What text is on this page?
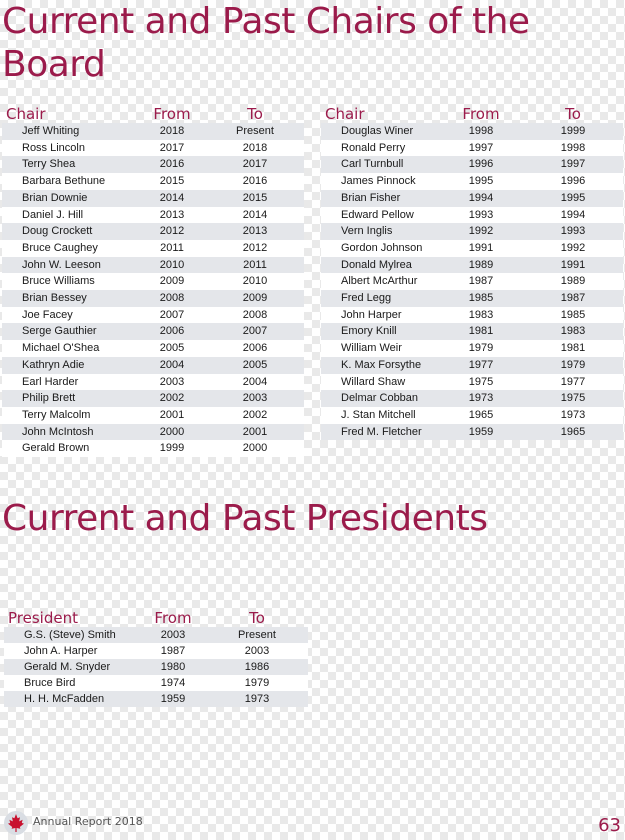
Current and Past Chairs of the Board
Chair	From	To
Jeff Whiting	2018	Present
Ross Lincoln	2017	2018
Terry Shea	2016	2017
Barbara Bethune	2015	2016
Brian Downie	2014	2015
Daniel J. Hill	2013	2014
Doug Crockett	2012	2013
Bruce Caughey	2011	2012
John W. Leeson	2010	2011
Bruce Williams	2009	2010
Brian Bessey	2008	2009
Joe Facey	2007	2008
Serge Gauthier	2006	2007
Michael O'Shea	2005	2006
Kathryn Adie	2004	2005
Earl Harder	2003	2004
Philip Brett	2002	2003
Terry Malcolm	2001	2002
John McIntosh	2000	2001
Gerald Brown	1999	2000
Chair	From	To
Douglas Winer	1998	1999
Ronald Perry	1997	1998
Carl Turnbull	1996	1997
James Pinnock	1995	1996
Brian Fisher	1994	1995
Edward Pellow	1993	1994
Vern Inglis	1992	1993
Gordon Johnson	1991	1992
Donald Mylrea	1989	1991
Albert McArthur	1987	1989
Fred Legg	1985	1987
John Harper	1983	1985
Emory Knill	1981	1983
William Weir	1979	1981
K. Max Forsythe	1977	1979
Willard Shaw	1975	1977
Delmar Cobban	1973	1975
J. Stan Mitchell	1965	1973
Fred M. Fletcher	1959	1965
Current and Past Presidents
President	From	To
G.S. (Steve) Smith	2003	Present
John A. Harper	1987	2003
Gerald M. Snyder	1980	1986
Bruce Bird	1974	1979
H. H. McFadden	1959	1973
Annual Report 2018	63
